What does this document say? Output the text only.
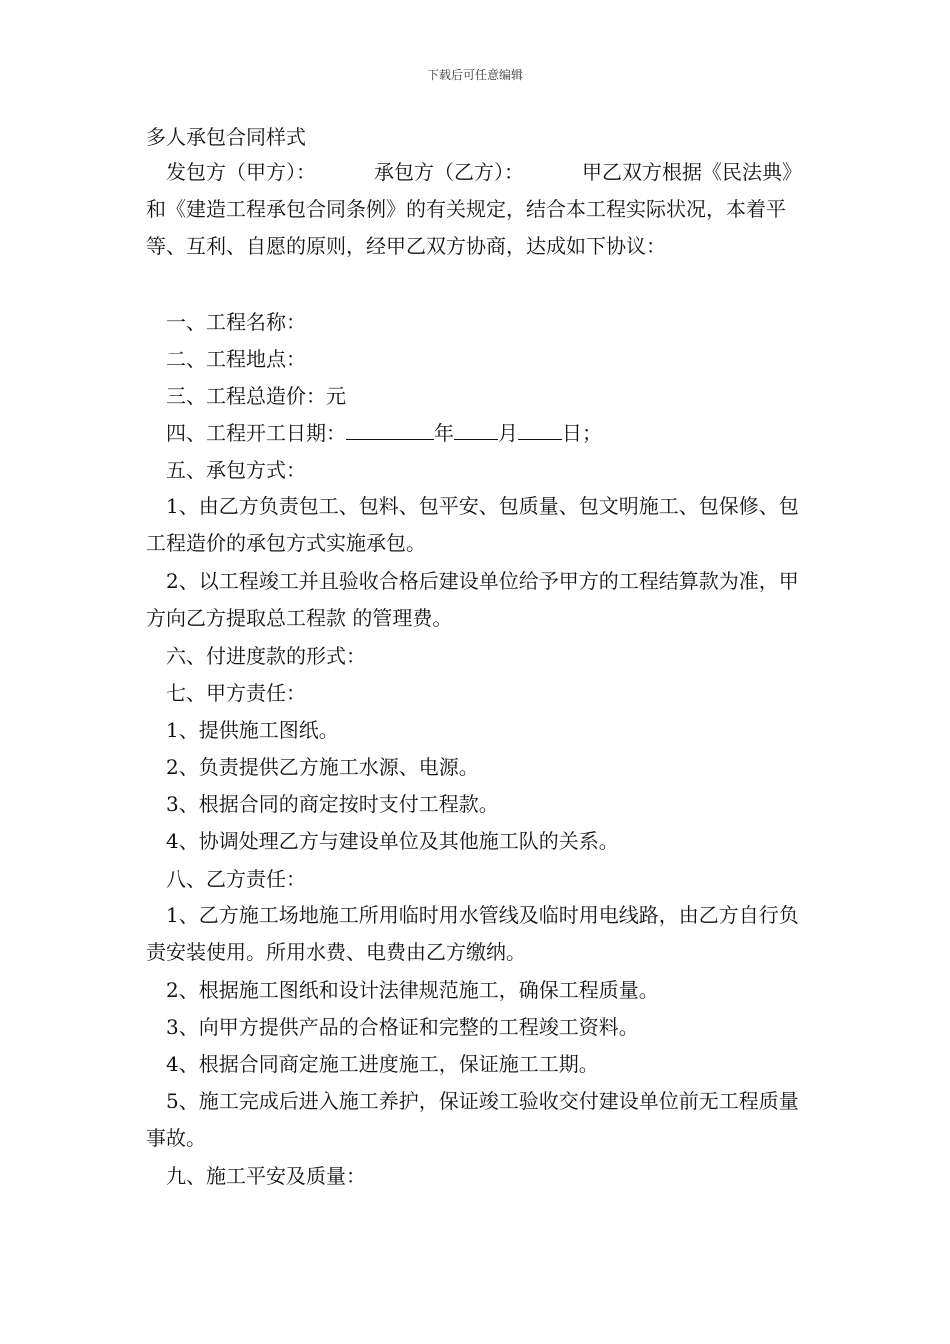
下载后可任意编辑
多人承包合同样式
发包方（甲方）：	承包方（乙方）：	甲乙双方根据《民法典》和《建造工程承包合同条例》的有关规定，结合本工程实际状况，本着平等、互利、自愿的原则，经甲乙双方协商，达成如下协议：
一、工程名称：
二、工程地点：
三、工程总造价：元
四、工程开工日期：	年 月 日；
五、承包方式：
1、由乙方负责包工、包料、包平安、包质量、包文明施工、包保修、包工程造价的承包方式实施承包。
2、以工程竣工并且验收合格后建设单位给予甲方的工程结算款为准，甲方向乙方提取总工程款 的管理费。
六、付进度款的形式：
七、甲方责任：
1、提供施工图纸。
2、负责提供乙方施工水源、电源。
3、根据合同的商定按时支付工程款。
4、协调处理乙方与建设单位及其他施工队的关系。
八、乙方责任：
1、乙方施工场地施工所用临时用水管线及临时用电线路，由乙方自行负责安装使用。所用水费、电费由乙方缴纳。
2、根据施工图纸和设计法律规范施工，确保工程质量。
3、向甲方提供产品的合格证和完整的工程竣工资料。
4、根据合同商定施工进度施工，保证施工工期。
5、施工完成后进入施工养护，保证竣工验收交付建设单位前无工程质量事故。
九、施工平安及质量：
